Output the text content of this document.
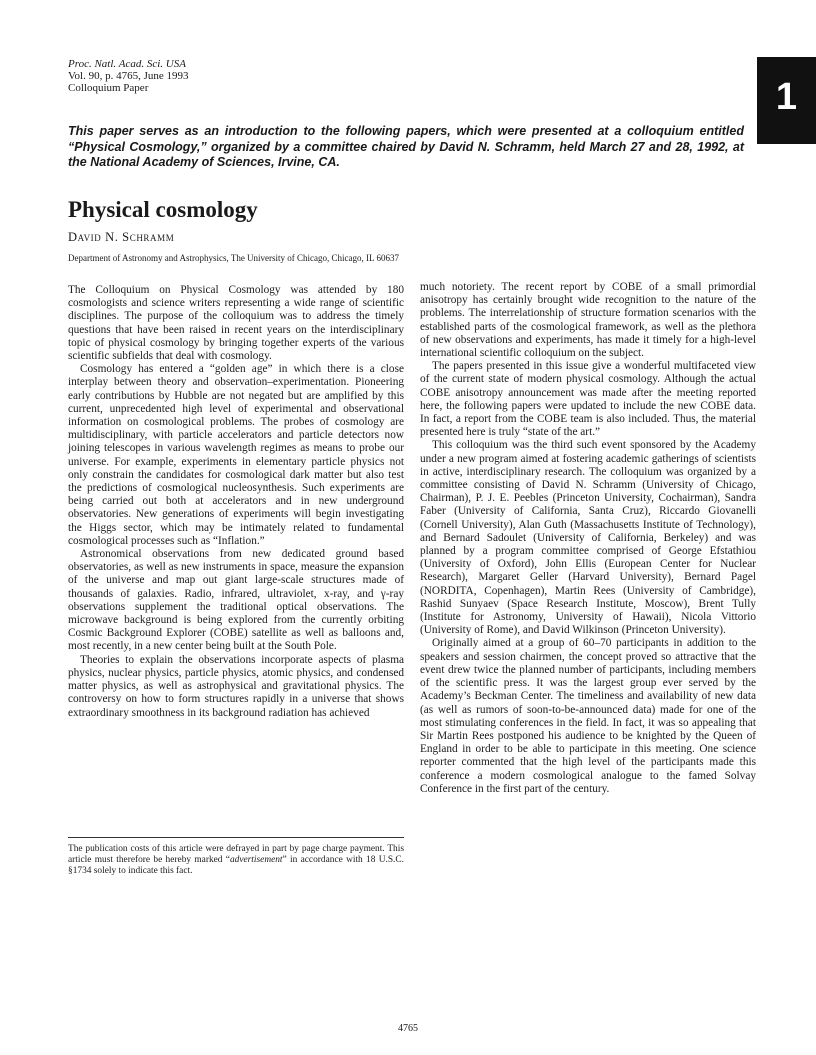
Proc. Natl. Acad. Sci. USA
Vol. 90, p. 4765, June 1993
Colloquium Paper	1

This paper serves as an introduction to the following papers, which were presented at a colloquium entitled “Physical Cosmology,” organized by a committee chaired by David N. Schramm, held March 27 and 28, 1992, at the National Academy of Sciences, Irvine, CA.

Physical cosmology
David N. Schramm
Department of Astronomy and Astrophysics, The University of Chicago, Chicago, IL 60637

The Colloquium on Physical Cosmology was attended by 180 cosmologists and science writers representing a wide range of scientific disciplines. The purpose of the colloquium was to address the timely questions that have been raised in recent years on the interdisciplinary topic of physical cosmology by bringing together experts of the various scientific subfields that deal with cosmology.

Cosmology has entered a “golden age” in which there is a close interplay between theory and observation–experimentation. Pioneering early contributions by Hubble are not negated but are amplified by this current, unprecedented high level of experimental and observational information on cosmological problems. The probes of cosmology are multidisciplinary, with particle accelerators and particle detectors now joining telescopes in various wavelength regimes as means to probe our universe. For example, experiments in elementary particle physics not only constrain the candidates for cosmological dark matter but also test the predictions of cosmological nucleosynthesis. Such experiments are being carried out both at accelerators and in new underground observatories. New generations of experiments will begin investigating the Higgs sector, which may be intimately related to fundamental cosmological processes such as “Inflation.”

Astronomical observations from new dedicated ground based observatories, as well as new instruments in space, measure the expansion of the universe and map out giant large-scale structures made of thousands of galaxies. Radio, infrared, ultraviolet, x-ray, and γ-ray observations supplement the traditional optical observations. The microwave background is being explored from the currently orbiting Cosmic Background Explorer (COBE) satellite as well as balloons and, most recently, in a new center being built at the South Pole.

Theories to explain the observations incorporate aspects of plasma physics, nuclear physics, particle physics, atomic physics, and condensed matter physics, as well as astrophysical and gravitational physics. The controversy on how to form structures rapidly in a universe that shows extraordinary smoothness in its background radiation has achieved

much notoriety. The recent report by COBE of a small primordial anisotropy has certainly brought wide recognition to the nature of the problems. The interrelationship of structure formation scenarios with the established parts of the cosmological framework, as well as the plethora of new observations and experiments, has made it timely for a high-level international scientific colloquium on the subject.

The papers presented in this issue give a wonderful multifaceted view of the current state of modern physical cosmology. Although the actual COBE anisotropy announcement was made after the meeting reported here, the following papers were updated to include the new COBE data. In fact, a report from the COBE team is also included. Thus, the material presented here is truly “state of the art.”

This colloquium was the third such event sponsored by the Academy under a new program aimed at fostering academic gatherings of scientists in active, interdisciplinary research. The colloquium was organized by a committee consisting of David N. Schramm (University of Chicago, Chairman), P. J. E. Peebles (Princeton University, Cochairman), Sandra Faber (University of California, Santa Cruz), Riccardo Giovanelli (Cornell University), Alan Guth (Massachusetts Institute of Technology), and Bernard Sadoulet (University of California, Berkeley) and was planned by a program committee comprised of George Efstathiou (University of Oxford), John Ellis (European Center for Nuclear Research), Margaret Geller (Harvard University), Bernard Pagel (NORDITA, Copenhagen), Martin Rees (University of Cambridge), Rashid Sunyaev (Space Research Institute, Moscow), Brent Tully (Institute for Astronomy, University of Hawaii), Nicola Vittorio (University of Rome), and David Wilkinson (Princeton University).

Originally aimed at a group of 60–70 participants in addition to the speakers and session chairmen, the concept proved so attractive that the event drew twice the planned number of participants, including members of the scientific press. It was the largest group ever served by the Academy’s Beckman Center. The timeliness and availability of new data (as well as rumors of soon-to-be-announced data) made for one of the most stimulating conferences in the field. In fact, it was so appealing that Sir Martin Rees postponed his audience to be knighted by the Queen of England in order to be able to participate in this meeting. One science reporter commented that the high level of the participants made this conference a modern cosmological analogue to the famed Solvay Conference in the first part of the century.

The publication costs of this article were defrayed in part by page charge payment. This article must therefore be hereby marked “advertisement” in accordance with 18 U.S.C. §1734 solely to indicate this fact.

4765
